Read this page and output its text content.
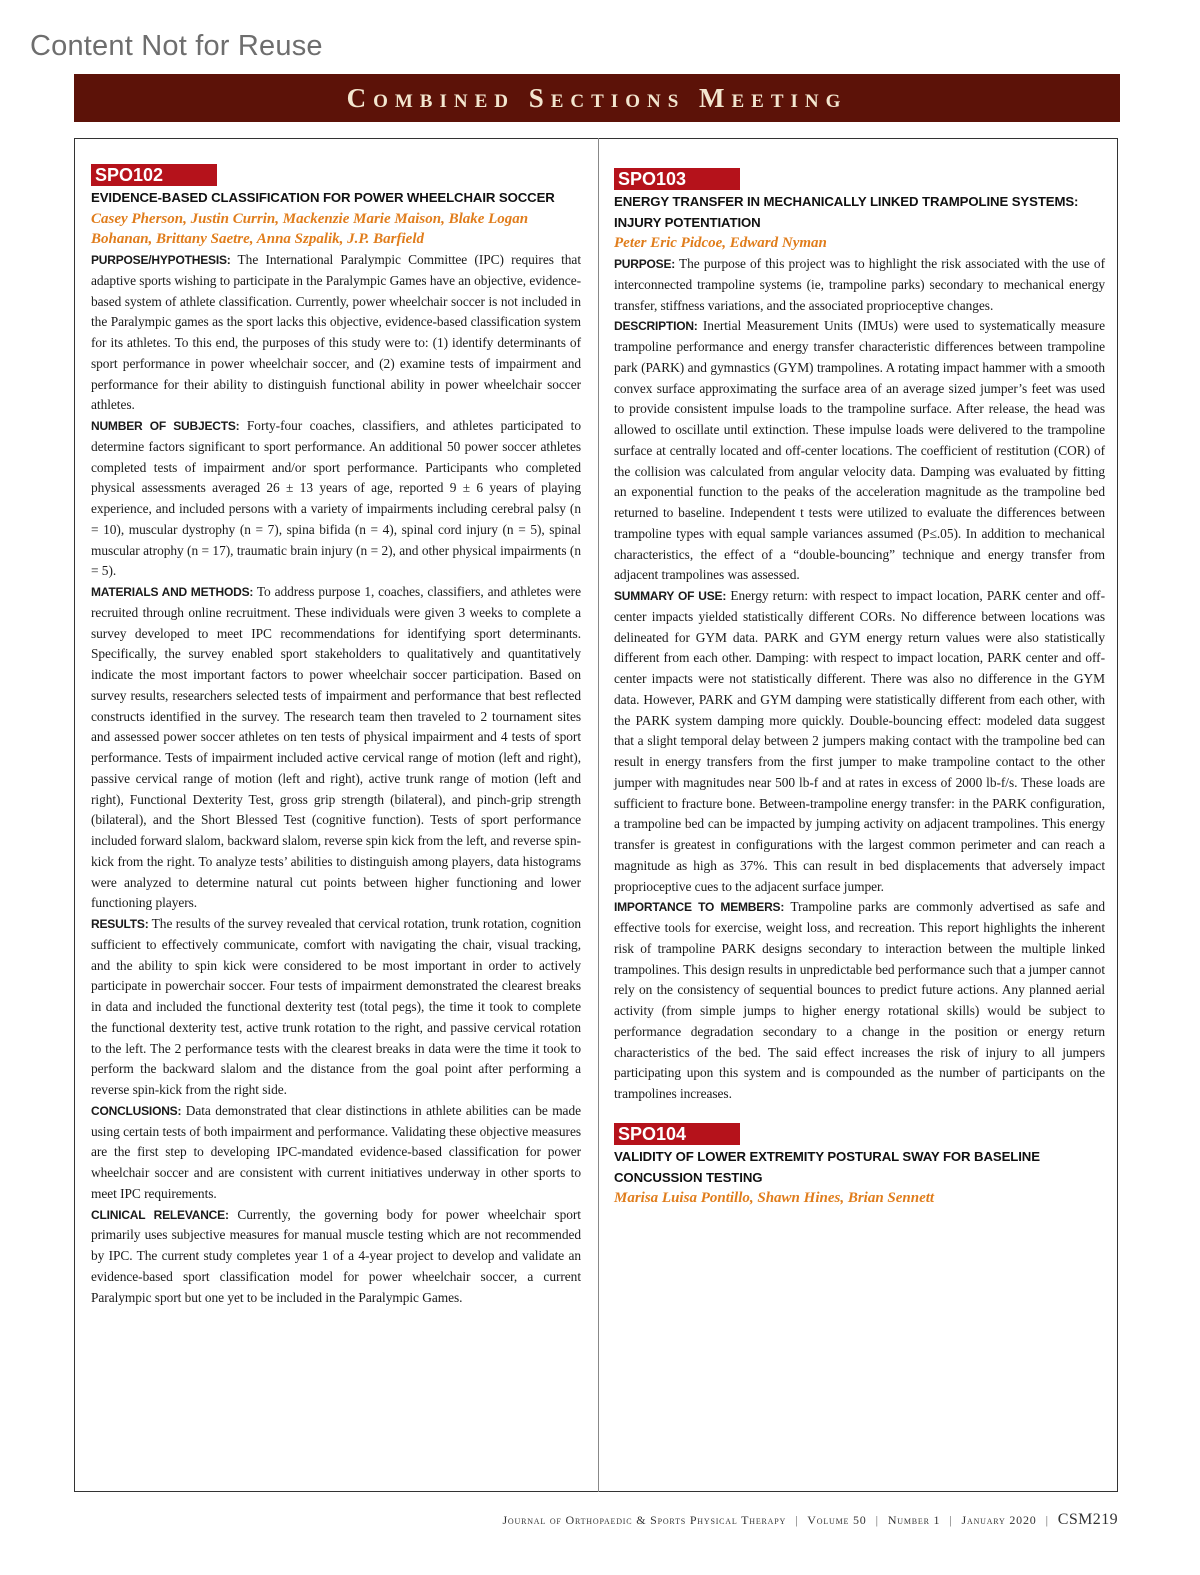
Content Not for Reuse
Combined Sections Meeting
SPO102
EVIDENCE-BASED CLASSIFICATION FOR POWER WHEELCHAIR SOCCER
Casey Pherson, Justin Currin, Mackenzie Marie Maison, Blake Logan Bohanan, Brittany Saetre, Anna Szpalik, J.P. Barfield
PURPOSE/HYPOTHESIS: The International Paralympic Committee (IPC) requires that adaptive sports wishing to participate in the Paralympic Games have an objective, evidence-based system of athlete classification. Currently, power wheelchair soccer is not included in the Paralympic games as the sport lacks this objective, evidence-based classification system for its athletes. To this end, the purposes of this study were to: (1) identify determinants of sport performance in power wheelchair soccer, and (2) examine tests of impairment and performance for their ability to distinguish functional ability in power wheelchair soccer athletes.
NUMBER OF SUBJECTS: Forty-four coaches, classifiers, and athletes participated to determine factors significant to sport performance. An additional 50 power soccer athletes completed tests of impairment and/or sport performance. Participants who completed physical assessments averaged 26 ± 13 years of age, reported 9 ± 6 years of playing experience, and included persons with a variety of impairments including cerebral palsy (n = 10), muscular dystrophy (n = 7), spina bifida (n = 4), spinal cord injury (n = 5), spinal muscular atrophy (n = 17), traumatic brain injury (n = 2), and other physical impairments (n = 5).
MATERIALS AND METHODS: To address purpose 1, coaches, classifiers, and athletes were recruited through online recruitment. These individuals were given 3 weeks to complete a survey developed to meet IPC recommendations for identifying sport determinants. Specifically, the survey enabled sport stakeholders to qualitatively and quantitatively indicate the most important factors to power wheelchair soccer participation. Based on survey results, researchers selected tests of impairment and performance that best reflected constructs identified in the survey. The research team then traveled to 2 tournament sites and assessed power soccer athletes on ten tests of physical impairment and 4 tests of sport performance. Tests of impairment included active cervical range of motion (left and right), passive cervical range of motion (left and right), active trunk range of motion (left and right), Functional Dexterity Test, gross grip strength (bilateral), and pinch-grip strength (bilateral), and the Short Blessed Test (cognitive function). Tests of sport performance included forward slalom, backward slalom, reverse spin kick from the left, and reverse spin-kick from the right. To analyze tests’ abilities to distinguish among players, data histograms were analyzed to determine natural cut points between higher functioning and lower functioning players.
RESULTS: The results of the survey revealed that cervical rotation, trunk rotation, cognition sufficient to effectively communicate, comfort with navigating the chair, visual tracking, and the ability to spin kick were considered to be most important in order to actively participate in powerchair soccer. Four tests of impairment demonstrated the clearest breaks in data and included the functional dexterity test (total pegs), the time it took to complete the functional dexterity test, active trunk rotation to the right, and passive cervical rotation to the left. The 2 performance tests with the clearest breaks in data were the time it took to perform the backward slalom and the distance from the goal point after performing a reverse spin-kick from the right side.
CONCLUSIONS: Data demonstrated that clear distinctions in athlete abilities can be made using certain tests of both impairment and performance. Validating these objective measures are the first step to developing IPC-mandated evidence-based classification for power wheelchair soccer and are consistent with current initiatives underway in other sports to meet IPC requirements.
CLINICAL RELEVANCE: Currently, the governing body for power wheelchair sport primarily uses subjective measures for manual muscle testing which are not recommended by IPC. The current study completes year 1 of a 4-year project to develop and validate an evidence-based sport classification model for power wheelchair soccer, a current Paralympic sport but one yet to be included in the Paralympic Games.
SPO103
ENERGY TRANSFER IN MECHANICALLY LINKED TRAMPOLINE SYSTEMS: INJURY POTENTIATION
Peter Eric Pidcoe, Edward Nyman
PURPOSE: The purpose of this project was to highlight the risk associated with the use of interconnected trampoline systems (ie, trampoline parks) secondary to mechanical energy transfer, stiffness variations, and the associated proprioceptive changes.
DESCRIPTION: Inertial Measurement Units (IMUs) were used to systematically measure trampoline performance and energy transfer characteristic differences between trampoline park (PARK) and gymnastics (GYM) trampolines. A rotating impact hammer with a smooth convex surface approximating the surface area of an average sized jumper’s feet was used to provide consistent impulse loads to the trampoline surface. After release, the head was allowed to oscillate until extinction. These impulse loads were delivered to the trampoline surface at centrally located and off-center locations. The coefficient of restitution (COR) of the collision was calculated from angular velocity data. Damping was evaluated by fitting an exponential function to the peaks of the acceleration magnitude as the trampoline bed returned to baseline. Independent t tests were utilized to evaluate the differences between trampoline types with equal sample variances assumed (P≤.05). In addition to mechanical characteristics, the effect of a “double-bouncing” technique and energy transfer from adjacent trampolines was assessed.
SUMMARY OF USE: Energy return: with respect to impact location, PARK center and off-center impacts yielded statistically different CORs. No difference between locations was delineated for GYM data. PARK and GYM energy return values were also statistically different from each other. Damping: with respect to impact location, PARK center and off-center impacts were not statistically different. There was also no difference in the GYM data. However, PARK and GYM damping were statistically different from each other, with the PARK system damping more quickly. Double-bouncing effect: modeled data suggest that a slight temporal delay between 2 jumpers making contact with the trampoline bed can result in energy transfers from the first jumper to make trampoline contact to the other jumper with magnitudes near 500 lb-f and at rates in excess of 2000 lb-f/s. These loads are sufficient to fracture bone. Between-trampoline energy transfer: in the PARK configuration, a trampoline bed can be impacted by jumping activity on adjacent trampolines. This energy transfer is greatest in configurations with the largest common perimeter and can reach a magnitude as high as 37%. This can result in bed displacements that adversely impact proprioceptive cues to the adjacent surface jumper.
IMPORTANCE TO MEMBERS: Trampoline parks are commonly advertised as safe and effective tools for exercise, weight loss, and recreation. This report highlights the inherent risk of trampoline PARK designs secondary to interaction between the multiple linked trampolines. This design results in unpredictable bed performance such that a jumper cannot rely on the consistency of sequential bounces to predict future actions. Any planned aerial activity (from simple jumps to higher energy rotational skills) would be subject to performance degradation secondary to a change in the position or energy return characteristics of the bed. The said effect increases the risk of injury to all jumpers participating upon this system and is compounded as the number of participants on the trampolines increases.
SPO104
VALIDITY OF LOWER EXTREMITY POSTURAL SWAY FOR BASELINE CONCUSSION TESTING
Marisa Luisa Pontillo, Shawn Hines, Brian Sennett
Journal of Orthopaedic & Sports Physical Therapy | Volume 50 | Number 1 | January 2020 | CSM219
